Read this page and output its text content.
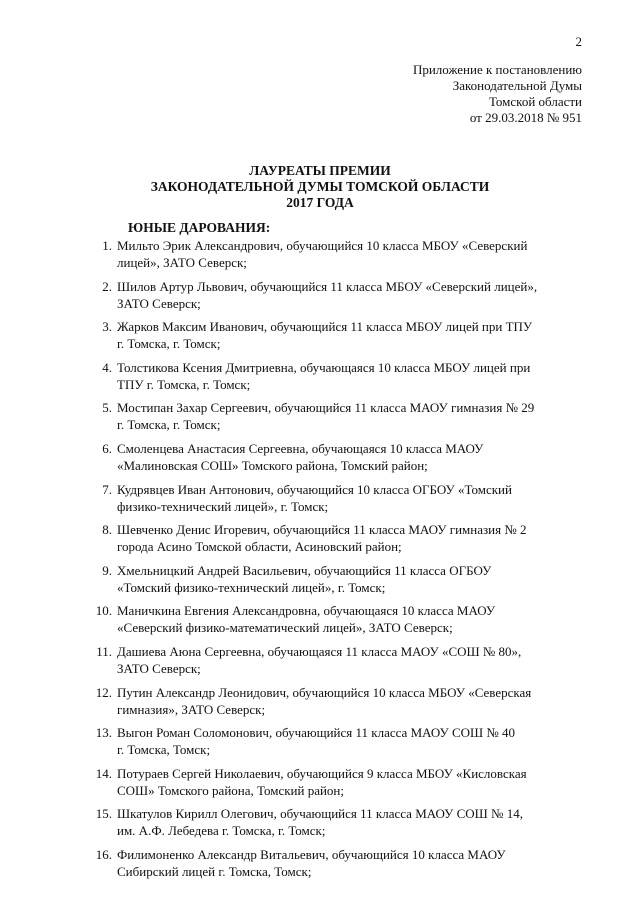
2
Приложение к постановлению
Законодательной Думы
Томской области
от 29.03.2018 № 951
ЛАУРЕАТЫ ПРЕМИИ
ЗАКОНОДАТЕЛЬНОЙ ДУМЫ ТОМСКОЙ ОБЛАСТИ
2017 ГОДА
ЮНЫЕ ДАРОВАНИЯ:
1. Мильто Эрик Александрович, обучающийся 10 класса МБОУ «Северский
лицей», ЗАТО Северск;
2. Шилов Артур Львович, обучающийся 11 класса МБОУ «Северский лицей»,
ЗАТО Северск;
3. Жарков Максим Иванович, обучающийся 11 класса МБОУ лицей при ТПУ
г. Томска, г. Томск;
4. Толстикова Ксения Дмитриевна, обучающаяся 10 класса МБОУ лицей при
ТПУ г. Томска, г. Томск;
5. Мостипан Захар Сергеевич, обучающийся 11 класса МАОУ гимназия № 29
г. Томска, г. Томск;
6. Смоленцева Анастасия Сергеевна, обучающаяся 10 класса МАОУ
«Малиновская СОШ» Томского района, Томский район;
7. Кудрявцев Иван Антонович, обучающийся 10 класса ОГБОУ «Томский
физико-технический лицей», г. Томск;
8. Шевченко Денис Игоревич, обучающийся 11 класса МАОУ гимназия № 2
города Асино Томской области, Асиновский район;
9. Хмельницкий Андрей Васильевич, обучающийся 11 класса ОГБОУ
«Томский физико-технический лицей», г. Томск;
10. Маничкина Евгения Александровна, обучающаяся 10 класса МАОУ
«Северский физико-математический лицей», ЗАТО Северск;
11. Дашиева Аюна Сергеевна, обучающаяся 11 класса МАОУ «СОШ № 80»,
ЗАТО Северск;
12. Путин Александр Леонидович, обучающийся 10 класса МБОУ «Северская
гимназия», ЗАТО Северск;
13. Выгон Роман Соломонович, обучающийся 11 класса МАОУ СОШ № 40
г. Томска, Томск;
14. Потураев Сергей Николаевич, обучающийся 9 класса МБОУ «Кисловская
СОШ» Томского района, Томский район;
15. Шкатулов Кирилл Олегович, обучающийся 11 класса МАОУ СОШ № 14,
им. А.Ф. Лебедева г. Томска, г. Томск;
16. Филимоненко Александр Витальевич, обучающийся 10 класса МАОУ
Сибирский лицей г. Томска, Томск;
